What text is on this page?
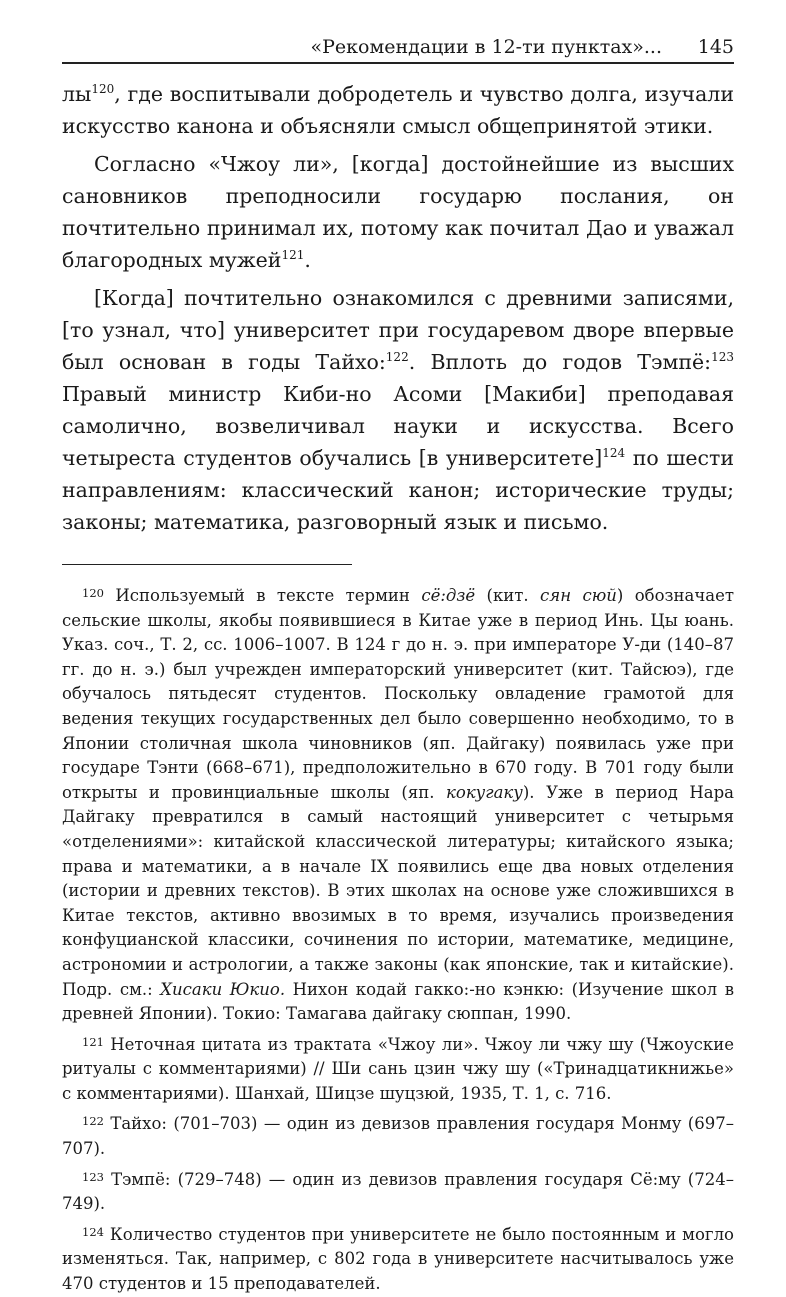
«Рекомендации в 12-ти пунктах»... 145

$лы^{120}$, где воспитывали добродетель и чувство долга, изучали искусство канона и объясняли смысл общепринятой этики.

Согласно «Чжоу ли», [когда] достойнейшие из высших сановников преподносили государю послания, он почтительно принимал их, потому как почитал Дао и уважал благородных мужей$^{121}$.

[Когда] почтительно ознакомился с древними записями, [то узнал, что] университет при государевом дворе впервые был основан в годы Тайхо:$^{122}$. Вплоть до годов Тэмпё:$^{123}$ Правый министр Киби-но Асоми [Макиби] преподавая самолично, возвеличивал науки и искусства. Всего четыреста студентов обучались [в университете]$^{124}$ по шести направлениям: классический канон; исторические труды; законы; математика, разговорный язык и письмо.

$^{120}$ Используемый в тексте термин сё:дзё (кит. сян сюй) обозначает сельские школы, якобы появившиеся в Китае уже в период Инь. Цы юань. Указ. соч., Т. 2, сс. 1006–1007. В 124 г до н. э. при императоре У-ди (140–87 гг. до н. э.) был учрежден императорский университет (кит. Тайсюэ), где обучалось пятьдесят студентов. Поскольку овладение грамотой для ведения текущих государственных дел было совершенно необходимо, то в Японии столичная школа чиновников (яп. Дайгаку) появилась уже при государе Тэнти (668–671), предположительно в 670 году. В 701 году были открыты и провинциальные школы (яп. кокугаку). Уже в период Нара Дайгаку превратился в самый настоящий университет с четырьмя «отделениями»: китайской классической литературы; китайского языка; права и математики, а в начале IX появились еще два новых отделения (истории и древних текстов). В этих школах на основе уже сложившихся в Китае текстов, активно ввозимых в то время, изучались произведения конфуцианской классики, сочинения по истории, математике, медицине, астрономии и астрологии, а также законы (как японские, так и китайские). Подр. см.: Хисаки Юкио. Нихон кодай гакко:-но кэнкю: (Изучение школ в древней Японии). Токио: Тамагава дайгаку сюппан, 1990.

$^{121}$ Неточная цитата из трактата «Чжоу ли». Чжоу ли чжу шу (Чжоуские ритуалы с комментариями) // Ши сань цзин чжу шу («Тринадцатикнижье» с комментариями). Шанхай, Шицзе шуцзюй, 1935, Т. 1, с. 716.

$^{122}$ Тайхо: (701–703) — один из девизов правления государя Монму (697–707).

$^{123}$ Тэмпё: (729–748) — один из девизов правления государя Сё:му (724–749).

$^{124}$ Количество студентов при университете не было постоянным и могло изменяться. Так, например, с 802 года в университете насчитывалось уже 470 студентов и 15 преподавателей.
